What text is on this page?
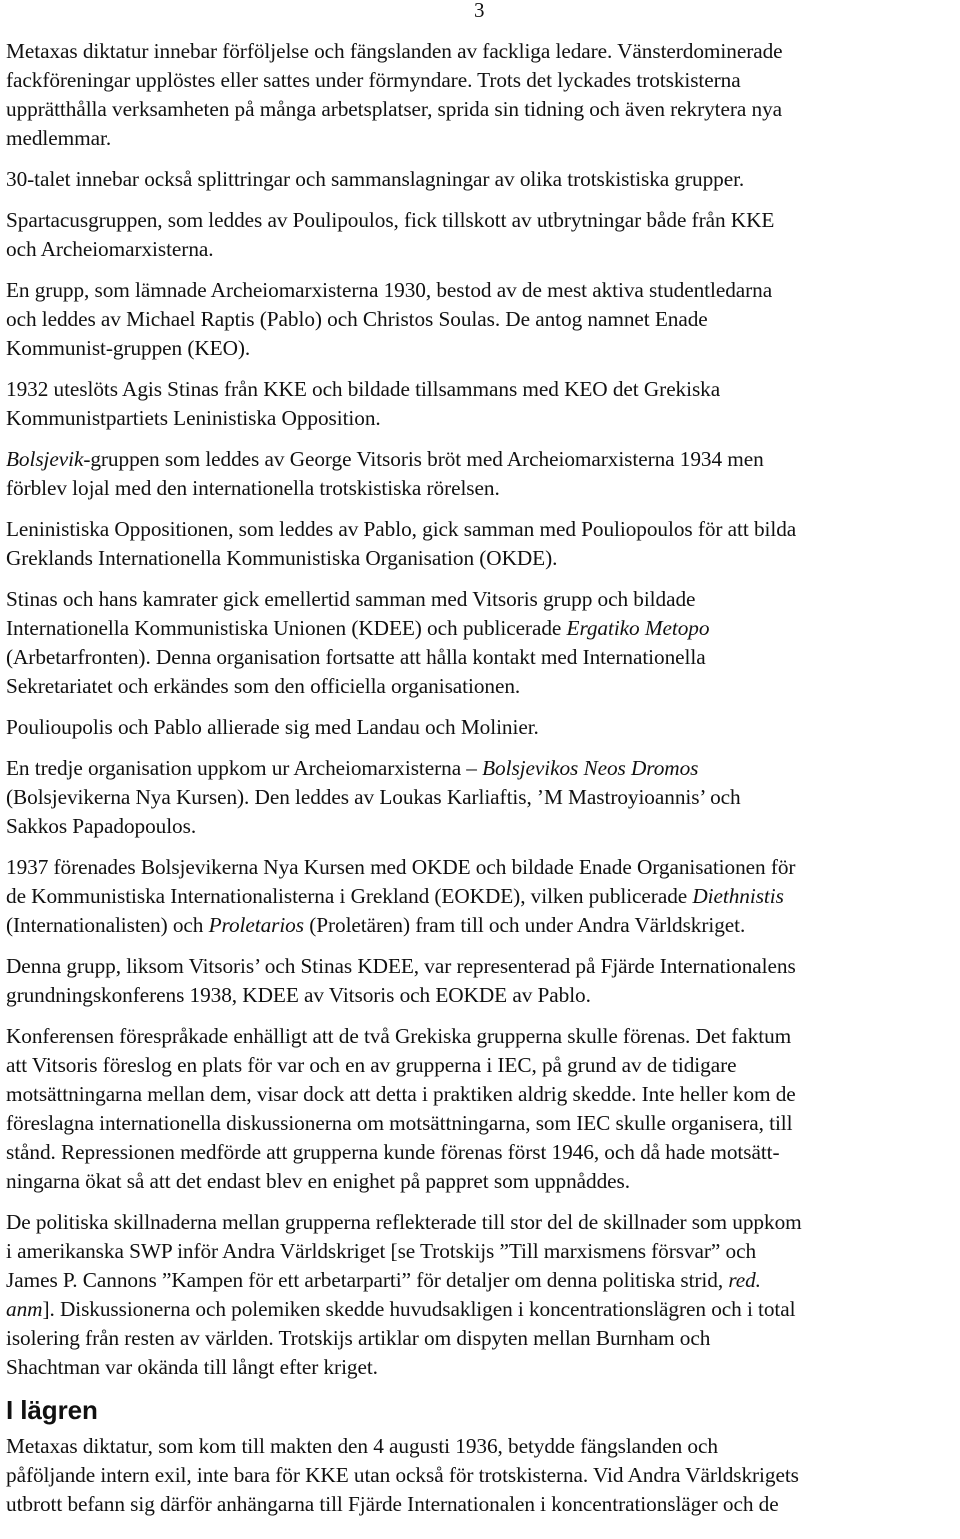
3
Metaxas diktatur innebar förföljelse och fängslanden av fackliga ledare. Vänsterdominerade
fackföreningar upplöstes eller sattes under förmyndare. Trots det lyckades trotskisterna
upprätthålla verksamheten på många arbetsplatser, sprida sin tidning och även rekrytera nya
medlemmar.
30-talet innebar också splittringar och sammanslagningar av olika trotskistiska grupper.
Spartacusgruppen, som leddes av Poulipoulos, fick tillskott av utbrytningar både från KKE
och Archeiomarxisterna.
En grupp, som lämnade Archeiomarxisterna 1930, bestod av de mest aktiva studentledarna
och leddes av Michael Raptis (Pablo) och Christos Soulas. De antog namnet Enade
Kommunist-gruppen (KEO).
1932 uteslöts Agis Stinas från KKE och bildade tillsammans med KEO det Grekiska
Kommunistpartiets Leninistiska Opposition.
Bolsjevik-gruppen som leddes av George Vitsoris bröt med Archeiomarxisterna 1934 men
förblev lojal med den internationella trotskistiska rörelsen.
Leninistiska Oppositionen, som leddes av Pablo, gick samman med Pouliopoulos för att bilda
Greklands Internationella Kommunistiska Organisation (OKDE).
Stinas och hans kamrater gick emellertid samman med Vitsoris grupp och bildade
Internationella Kommunistiska Unionen (KDEE) och publicerade Ergatiko Metopo
(Arbetarfronten). Denna organisation fortsatte att hålla kontakt med Internationella
Sekretariatet och erkändes som den officiella organisationen.
Poulioupolis och Pablo allierade sig med Landau och Molinier.
En tredje organisation uppkom ur Archeiomarxisterna – Bolsjevikos Neos Dromos
(Bolsjevikerna Nya Kursen). Den leddes av Loukas Karliaftis, ’M Mastroyioannis’ och
Sakkos Papadopoulos.
1937 förenades Bolsjevikerna Nya Kursen med OKDE och bildade Enade Organisationen för
de Kommunistiska Internationalisterna i Grekland (EOKDE), vilken publicerade Diethnistis
(Internationalisten) och Proletarios (Proletären) fram till och under Andra Världskriget.
Denna grupp, liksom Vitsoris’ och Stinas KDEE, var representerad på Fjärde Internationalens
grundningskonferens 1938, KDEE av Vitsoris och EOKDE av Pablo.
Konferensen förespråkade enhälligt att de två Grekiska grupperna skulle förenas. Det faktum
att Vitsoris föreslog en plats för var och en av grupperna i IEC, på grund av de tidigare
motsättningarna mellan dem, visar dock att detta i praktiken aldrig skedde. Inte heller kom de
föreslagna internationella diskussionerna om motsättningarna, som IEC skulle organisera, till
stånd. Repressionen medförde att grupperna kunde förenas först 1946, och då hade motsätt-
ningarna ökat så att det endast blev en enighet på pappret som uppnåddes.
De politiska skillnaderna mellan grupperna reflekterade till stor del de skillnader som uppkom
i amerikanska SWP inför Andra Världskriget [se Trotskijs ”Till marxismens försvar” och
James P. Cannons ”Kampen för ett arbetarparti” för detaljer om denna politiska strid, red.
anm]. Diskussionerna och polemiken skedde huvudsakligen i koncentrationslägren och i total
isolering från resten av världen. Trotskijs artiklar om dispyten mellan Burnham och
Shachtman var okända till långt efter kriget.
I lägren
Metaxas diktatur, som kom till makten den 4 augusti 1936, betydde fängslanden och
påföljande intern exil, inte bara för KKE utan också för trotskisterna. Vid Andra Världskrigets
utbrott befann sig därför anhängarna till Fjärde Internationalen i koncentrationsläger och de
